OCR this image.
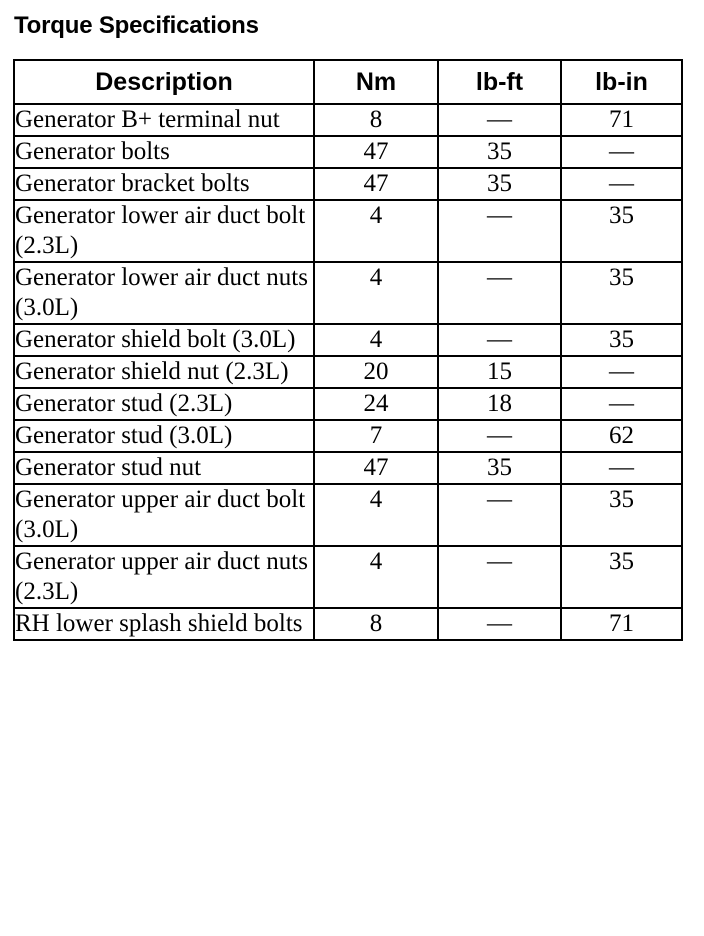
Torque Specifications
Description	Nm	lb-ft	lb-in
Generator B+ terminal nut	8	—	71
Generator bolts	47	35	—
Generator bracket bolts	47	35	—
Generator lower air duct bolt (2.3L)	4	—	35
Generator lower air duct nuts (3.0L)	4	—	35
Generator shield bolt (3.0L)	4	—	35
Generator shield nut (2.3L)	20	15	—
Generator stud (2.3L)	24	18	—
Generator stud (3.0L)	7	—	62
Generator stud nut	47	35	—
Generator upper air duct bolt (3.0L)	4	—	35
Generator upper air duct nuts (2.3L)	4	—	35
RH lower splash shield bolts	8	—	71
